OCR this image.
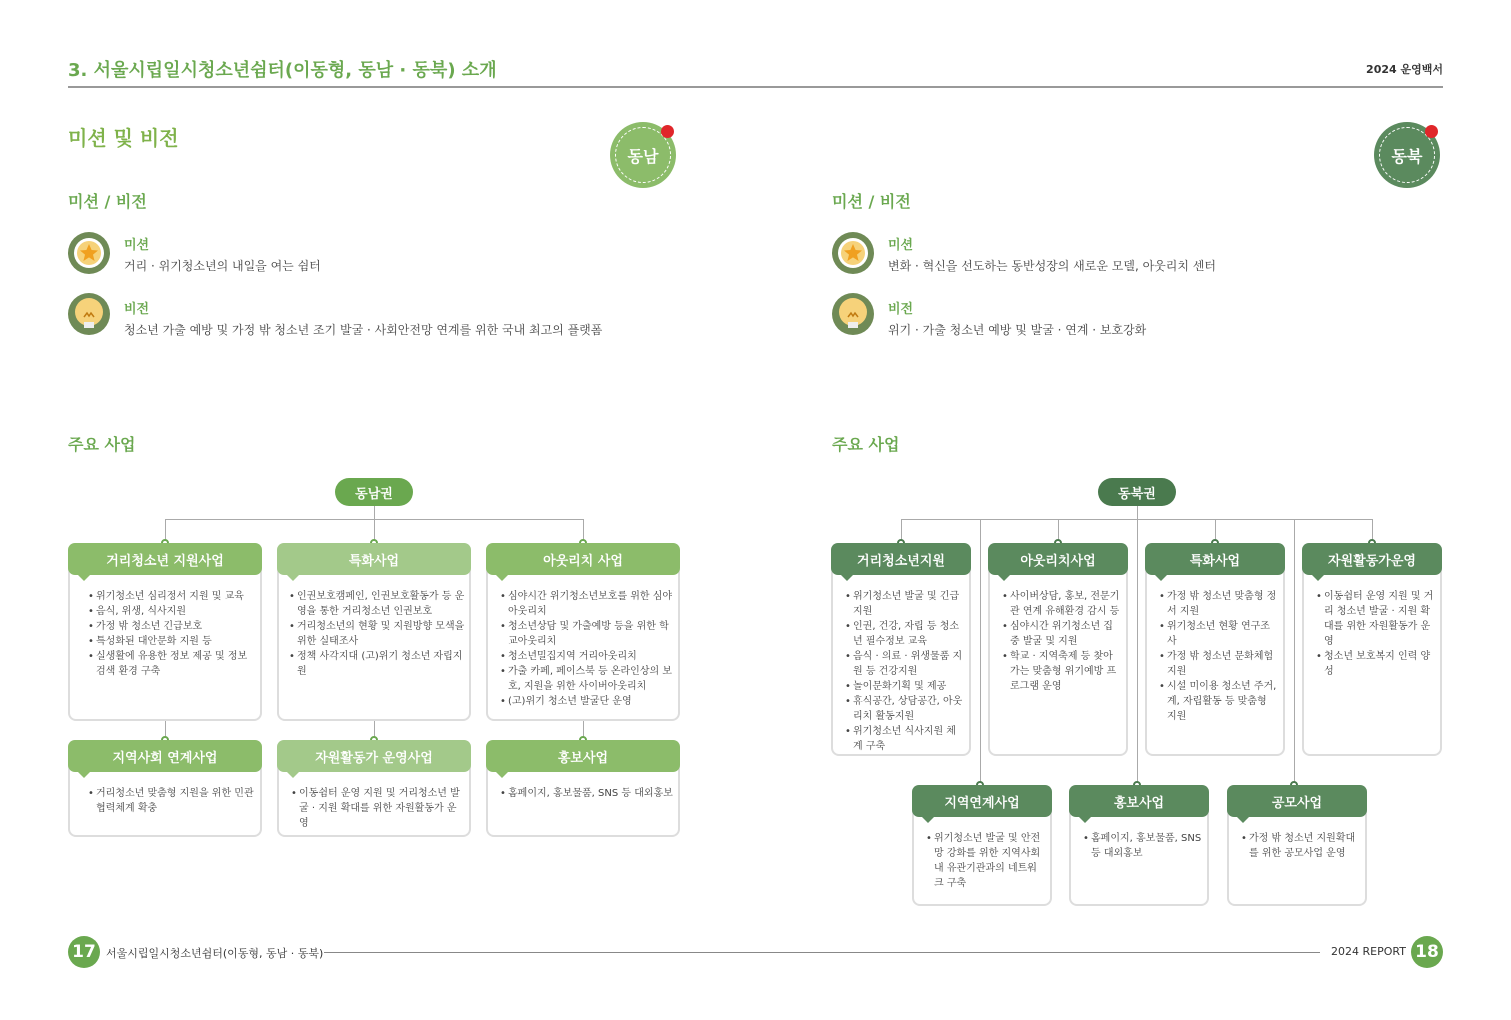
3. 서울시립일시청소년쉼터(이동형, 동남 · 동북) 소개	2024 운영백서
미션 및 비전
동남
미션 / 비전
미션
거리 · 위기청소년의 내일을 여는 쉼터
비전
청소년 가출 예방 및 가정 밖 청소년 조기 발굴 · 사회안전망 연계를 위한 국내 최고의 플랫폼
주요 사업
동남권
거리청소년 지원사업
• 위기청소년 심리정서 지원 및 교육
• 음식, 위생, 식사지원
• 가정 밖 청소년 긴급보호
• 특성화된 대안문화 지원 등
• 실생활에 유용한 정보 제공 및 정보 검색 환경 구축
특화사업
• 인권보호캠페인, 인권보호활동가 등 운영을 통한 거리청소년 인권보호
• 거리청소년의 현황 및 지원방향 모색을 위한 실태조사
• 정책 사각지대 (고)위기 청소년 자립지원
아웃리치 사업
• 심야시간 위기청소년보호를 위한 심야아웃리치
• 청소년상담 및 가출예방 등을 위한 학교아웃리치
• 청소년밀집지역 거리아웃리치
• 가출 카페, 페이스북 등 온라인상의 보호, 지원을 위한 사이버아웃리치
• (고)위기 청소년 발굴단 운영
지역사회 연계사업
• 거리청소년 맞춤형 지원을 위한 민관 협력체계 확충
자원활동가 운영사업
• 이동쉼터 운영 지원 및 거리청소년 발굴 · 지원 확대를 위한 자원활동가 운영
홍보사업
• 홈페이지, 홍보물품, SNS 등 대외홍보
동북
미션 / 비전
미션
변화 · 혁신을 선도하는 동반성장의 새로운 모델, 아웃리치 센터
비전
위기 · 가출 청소년 예방 및 발굴 · 연계 · 보호강화
주요 사업
동북권
거리청소년지원
• 위기청소년 발굴 및 긴급지원
• 인권, 건강, 자립 등 청소년 필수정보 교육
• 음식 · 의료 · 위생물품 지원 등 건강지원
• 놀이문화기획 및 제공
• 휴식공간, 상담공간, 아웃리치 활동지원
• 위기청소년 식사지원 체계 구축
아웃리치사업
• 사이버상담, 홍보, 전문기관 연계 유해환경 감시 등
• 심야시간 위기청소년 집중 발굴 및 지원
• 학교 · 지역축제 등 찾아가는 맞춤형 위기예방 프로그램 운영
특화사업
• 가정 밖 청소년 맞춤형 정서 지원
• 위기청소년 현황 연구조사
• 가정 밖 청소년 문화체험 지원
• 시설 미이용 청소년 주거, 계, 자립활동 등 맞춤형 지원
자원활동가운영
• 이동쉼터 운영 지원 및 거리 청소년 발굴 · 지원 확대를 위한 자원활동가 운영
• 청소년 보호복지 인력 양성
지역연계사업
• 위기청소년 발굴 및 안전망 강화를 위한 지역사회 내 유관기관과의 네트워크 구축
홍보사업
• 홈페이지, 홍보물품, SNS 등 대외홍보
공모사업
• 가정 밖 청소년 지원확대를 위한 공모사업 운영
17 서울시립일시청소년쉼터(이동형, 동남 · 동북)	2024 REPORT 18
